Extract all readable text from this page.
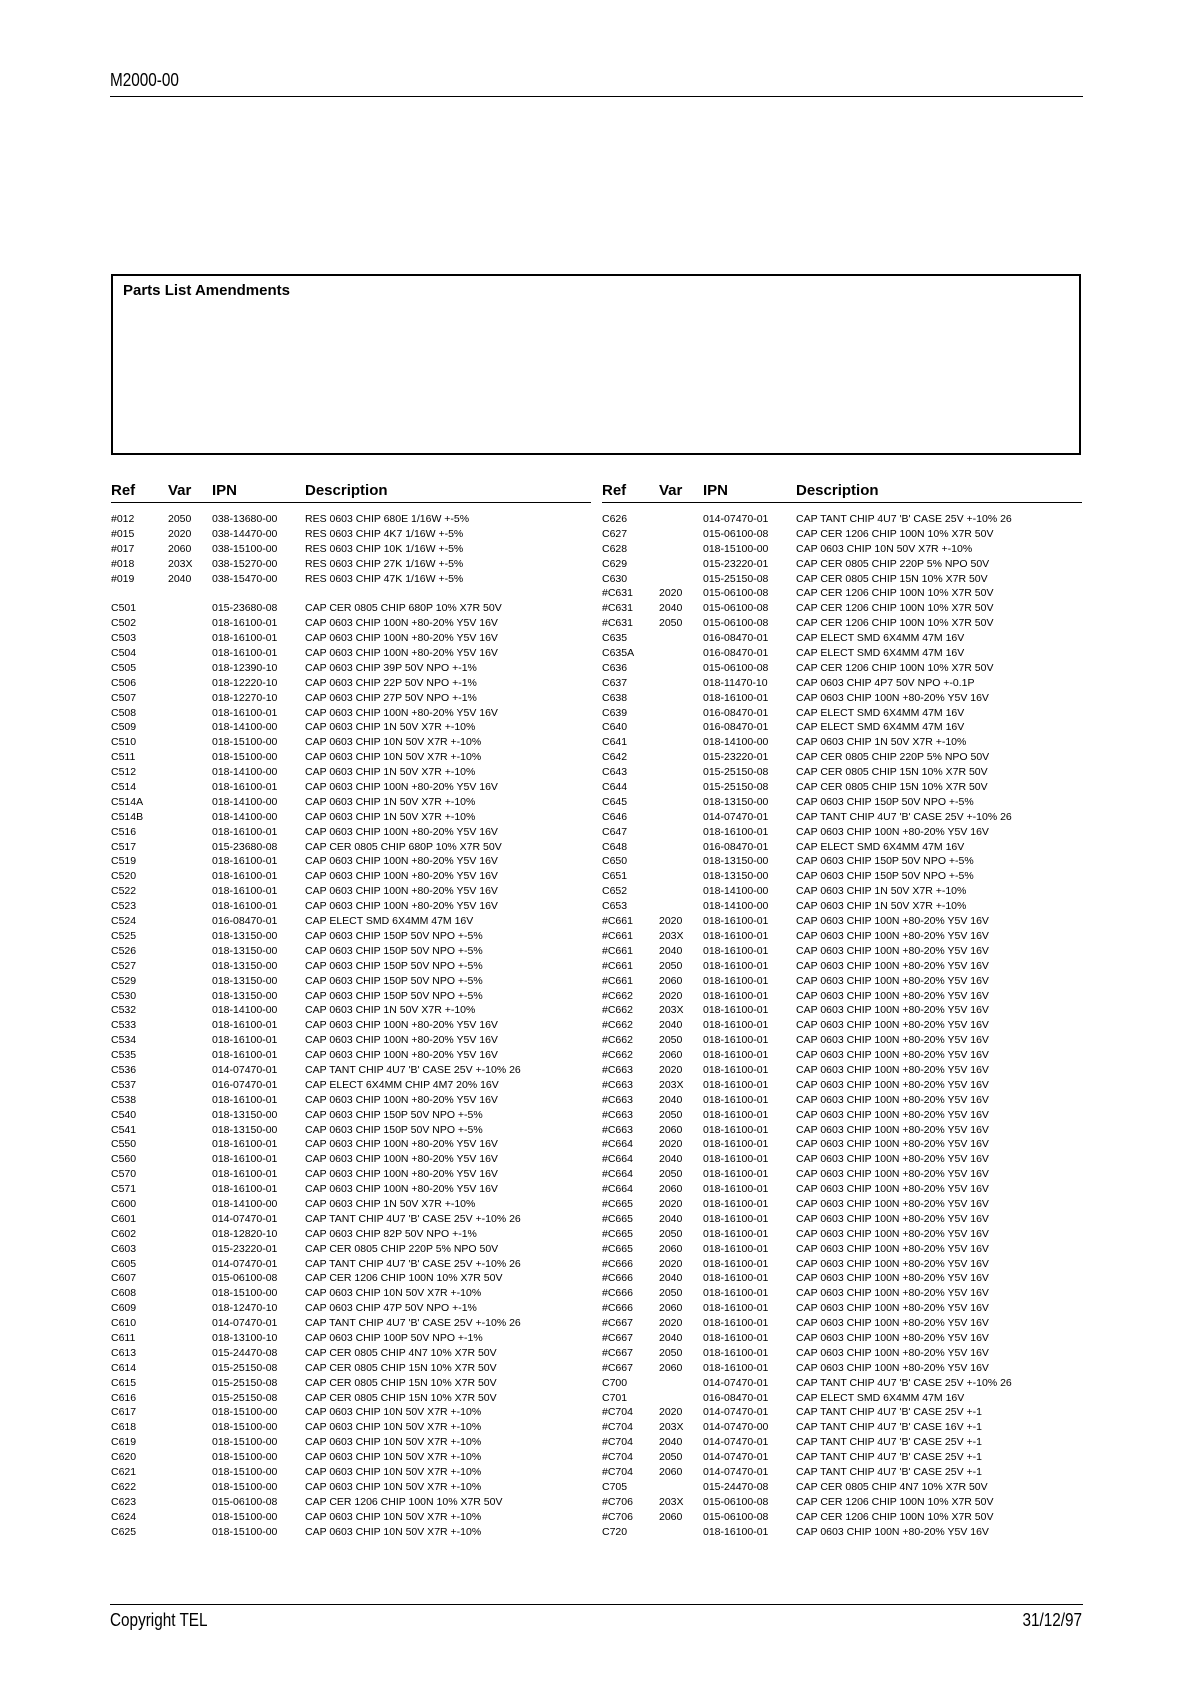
M2000-00
Parts List Amendments
Ref Var IPN	Description
#012	2050 038-13680-00	RES 0603 CHIP 680E 1/16W +-5%
#015	2020 038-14470-00	RES 0603 CHIP 4K7 1/16W +-5%
#017	2060 038-15100-00	RES 0603 CHIP 10K 1/16W +-5%
#018	203X 038-15270-00	RES 0603 CHIP 27K 1/16W +-5%
#019	2040 038-15470-00	RES 0603 CHIP 47K 1/16W +-5%
C501	015-23680-08	CAP CER 0805 CHIP 680P 10% X7R 50V
C502	018-16100-01	CAP 0603 CHIP 100N +80-20% Y5V 16V
C503	018-16100-01	CAP 0603 CHIP 100N +80-20% Y5V 16V
C504	018-16100-01	CAP 0603 CHIP 100N +80-20% Y5V 16V
C505	018-12390-10	CAP 0603 CHIP 39P 50V NPO +-1%
C506	018-12220-10	CAP 0603 CHIP 22P 50V NPO +-1%
C507	018-12270-10	CAP 0603 CHIP 27P 50V NPO +-1%
C508	018-16100-01	CAP 0603 CHIP 100N +80-20% Y5V 16V
C509	018-14100-00	CAP 0603 CHIP 1N 50V X7R +-10%
C510	018-15100-00	CAP 0603 CHIP 10N 50V X7R +-10%
C511	018-15100-00	CAP 0603 CHIP 10N 50V X7R +-10%
C512	018-14100-00	CAP 0603 CHIP 1N 50V X7R +-10%
C514	018-16100-01	CAP 0603 CHIP 100N +80-20% Y5V 16V
C514A	018-14100-00	CAP 0603 CHIP 1N 50V X7R +-10%
C514B	018-14100-00	CAP 0603 CHIP 1N 50V X7R +-10%
C516	018-16100-01	CAP 0603 CHIP 100N +80-20% Y5V 16V
C517	015-23680-08	CAP CER 0805 CHIP 680P 10% X7R 50V
C519	018-16100-01	CAP 0603 CHIP 100N +80-20% Y5V 16V
C520	018-16100-01	CAP 0603 CHIP 100N +80-20% Y5V 16V
C522	018-16100-01	CAP 0603 CHIP 100N +80-20% Y5V 16V
C523	018-16100-01	CAP 0603 CHIP 100N +80-20% Y5V 16V
C524	016-08470-01	CAP ELECT SMD 6X4MM 47M 16V
C525	018-13150-00	CAP 0603 CHIP 150P 50V NPO +-5%
C526	018-13150-00	CAP 0603 CHIP 150P 50V NPO +-5%
C527	018-13150-00	CAP 0603 CHIP 150P 50V NPO +-5%
C529	018-13150-00	CAP 0603 CHIP 150P 50V NPO +-5%
C530	018-13150-00	CAP 0603 CHIP 150P 50V NPO +-5%
C532	018-14100-00	CAP 0603 CHIP 1N 50V X7R +-10%
C533	018-16100-01	CAP 0603 CHIP 100N +80-20% Y5V 16V
C534	018-16100-01	CAP 0603 CHIP 100N +80-20% Y5V 16V
C535	018-16100-01	CAP 0603 CHIP 100N +80-20% Y5V 16V
C536	014-07470-01	CAP TANT CHIP 4U7 'B' CASE 25V +-10% 26
C537	016-07470-01	CAP ELECT 6X4MM CHIP 4M7 20% 16V
C538	018-16100-01	CAP 0603 CHIP 100N +80-20% Y5V 16V
C540	018-13150-00	CAP 0603 CHIP 150P 50V NPO +-5%
C541	018-13150-00	CAP 0603 CHIP 150P 50V NPO +-5%
C550	018-16100-01	CAP 0603 CHIP 100N +80-20% Y5V 16V
C560	018-16100-01	CAP 0603 CHIP 100N +80-20% Y5V 16V
C570	018-16100-01	CAP 0603 CHIP 100N +80-20% Y5V 16V
C571	018-16100-01	CAP 0603 CHIP 100N +80-20% Y5V 16V
C600	018-14100-00	CAP 0603 CHIP 1N 50V X7R +-10%
C601	014-07470-01	CAP TANT CHIP 4U7 'B' CASE 25V +-10% 26
C602	018-12820-10	CAP 0603 CHIP 82P 50V NPO +-1%
C603	015-23220-01	CAP CER 0805 CHIP 220P 5% NPO 50V
C605	014-07470-01	CAP TANT CHIP 4U7 'B' CASE 25V +-10% 26
C607	015-06100-08	CAP CER 1206 CHIP 100N 10% X7R 50V
C608	018-15100-00	CAP 0603 CHIP 10N 50V X7R +-10%
C609	018-12470-10	CAP 0603 CHIP 47P 50V NPO +-1%
C610	014-07470-01	CAP TANT CHIP 4U7 'B' CASE 25V +-10% 26
C611	018-13100-10	CAP 0603 CHIP 100P 50V NPO +-1%
C613	015-24470-08	CAP CER 0805 CHIP 4N7 10% X7R 50V
C614	015-25150-08	CAP CER 0805 CHIP 15N 10% X7R 50V
C615	015-25150-08	CAP CER 0805 CHIP 15N 10% X7R 50V
C616	015-25150-08	CAP CER 0805 CHIP 15N 10% X7R 50V
C617	018-15100-00	CAP 0603 CHIP 10N 50V X7R +-10%
C618	018-15100-00	CAP 0603 CHIP 10N 50V X7R +-10%
C619	018-15100-00	CAP 0603 CHIP 10N 50V X7R +-10%
C620	018-15100-00	CAP 0603 CHIP 10N 50V X7R +-10%
C621	018-15100-00	CAP 0603 CHIP 10N 50V X7R +-10%
C622	018-15100-00	CAP 0603 CHIP 10N 50V X7R +-10%
C623	015-06100-08	CAP CER 1206 CHIP 100N 10% X7R 50V
C624	018-15100-00	CAP 0603 CHIP 10N 50V X7R +-10%
C625	018-15100-00	CAP 0603 CHIP 10N 50V X7R +-10%
Ref Var IPN	Description
C626	014-07470-01	CAP TANT CHIP 4U7 'B' CASE 25V +-10% 26
C627	015-06100-08	CAP CER 1206 CHIP 100N 10% X7R 50V
C628	018-15100-00	CAP 0603 CHIP 10N 50V X7R +-10%
C629	015-23220-01	CAP CER 0805 CHIP 220P 5% NPO 50V
C630	015-25150-08	CAP CER 0805 CHIP 15N 10% X7R 50V
#C631 2020 015-06100-08	CAP CER 1206 CHIP 100N 10% X7R 50V
#C631 2040 015-06100-08	CAP CER 1206 CHIP 100N 10% X7R 50V
#C631 2050 015-06100-08	CAP CER 1206 CHIP 100N 10% X7R 50V
C635	016-08470-01	CAP ELECT SMD 6X4MM 47M 16V
C635A	016-08470-01	CAP ELECT SMD 6X4MM 47M 16V
C636	015-06100-08	CAP CER 1206 CHIP 100N 10% X7R 50V
C637	018-11470-10	CAP 0603 CHIP 4P7 50V NPO +-0.1P
C638	018-16100-01	CAP 0603 CHIP 100N +80-20% Y5V 16V
C639	016-08470-01	CAP ELECT SMD 6X4MM 47M 16V
C640	016-08470-01	CAP ELECT SMD 6X4MM 47M 16V
C641	018-14100-00	CAP 0603 CHIP 1N 50V X7R +-10%
C642	015-23220-01	CAP CER 0805 CHIP 220P 5% NPO 50V
C643	015-25150-08	CAP CER 0805 CHIP 15N 10% X7R 50V
C644	015-25150-08	CAP CER 0805 CHIP 15N 10% X7R 50V
C645	018-13150-00	CAP 0603 CHIP 150P 50V NPO +-5%
C646	014-07470-01	CAP TANT CHIP 4U7 'B' CASE 25V +-10% 26
C647	018-16100-01	CAP 0603 CHIP 100N +80-20% Y5V 16V
C648	016-08470-01	CAP ELECT SMD 6X4MM 47M 16V
C650	018-13150-00	CAP 0603 CHIP 150P 50V NPO +-5%
C651	018-13150-00	CAP 0603 CHIP 150P 50V NPO +-5%
C652	018-14100-00	CAP 0603 CHIP 1N 50V X7R +-10%
C653	018-14100-00	CAP 0603 CHIP 1N 50V X7R +-10%
#C661 2020 018-16100-01	CAP 0603 CHIP 100N +80-20% Y5V 16V
#C661 203X 018-16100-01	CAP 0603 CHIP 100N +80-20% Y5V 16V
#C661 2040 018-16100-01	CAP 0603 CHIP 100N +80-20% Y5V 16V
#C661 2050 018-16100-01	CAP 0603 CHIP 100N +80-20% Y5V 16V
#C661 2060 018-16100-01	CAP 0603 CHIP 100N +80-20% Y5V 16V
#C662 2020 018-16100-01	CAP 0603 CHIP 100N +80-20% Y5V 16V
#C662 203X 018-16100-01	CAP 0603 CHIP 100N +80-20% Y5V 16V
#C662 2040 018-16100-01	CAP 0603 CHIP 100N +80-20% Y5V 16V
#C662 2050 018-16100-01	CAP 0603 CHIP 100N +80-20% Y5V 16V
#C662 2060 018-16100-01	CAP 0603 CHIP 100N +80-20% Y5V 16V
#C663 2020 018-16100-01	CAP 0603 CHIP 100N +80-20% Y5V 16V
#C663 203X 018-16100-01	CAP 0603 CHIP 100N +80-20% Y5V 16V
#C663 2040 018-16100-01	CAP 0603 CHIP 100N +80-20% Y5V 16V
#C663 2050 018-16100-01	CAP 0603 CHIP 100N +80-20% Y5V 16V
#C663 2060 018-16100-01	CAP 0603 CHIP 100N +80-20% Y5V 16V
#C664 2020 018-16100-01	CAP 0603 CHIP 100N +80-20% Y5V 16V
#C664 2040 018-16100-01	CAP 0603 CHIP 100N +80-20% Y5V 16V
#C664 2050 018-16100-01	CAP 0603 CHIP 100N +80-20% Y5V 16V
#C664 2060 018-16100-01	CAP 0603 CHIP 100N +80-20% Y5V 16V
#C665 2020 018-16100-01	CAP 0603 CHIP 100N +80-20% Y5V 16V
#C665 2040 018-16100-01	CAP 0603 CHIP 100N +80-20% Y5V 16V
#C665 2050 018-16100-01	CAP 0603 CHIP 100N +80-20% Y5V 16V
#C665 2060 018-16100-01	CAP 0603 CHIP 100N +80-20% Y5V 16V
#C666 2020 018-16100-01	CAP 0603 CHIP 100N +80-20% Y5V 16V
#C666 2040 018-16100-01	CAP 0603 CHIP 100N +80-20% Y5V 16V
#C666 2050 018-16100-01	CAP 0603 CHIP 100N +80-20% Y5V 16V
#C666 2060 018-16100-01	CAP 0603 CHIP 100N +80-20% Y5V 16V
#C667 2020 018-16100-01	CAP 0603 CHIP 100N +80-20% Y5V 16V
#C667 2040 018-16100-01	CAP 0603 CHIP 100N +80-20% Y5V 16V
#C667 2050 018-16100-01	CAP 0603 CHIP 100N +80-20% Y5V 16V
#C667 2060 018-16100-01	CAP 0603 CHIP 100N +80-20% Y5V 16V
C700	014-07470-01	CAP TANT CHIP 4U7 'B' CASE 25V +-10% 26
C701	016-08470-01	CAP ELECT SMD 6X4MM 47M 16V
#C704 2020 014-07470-01	CAP TANT CHIP 4U7 'B' CASE 25V +-1
#C704 203X 014-07470-00	CAP TANT CHIP 4U7 'B' CASE 16V +-1
#C704 2040 014-07470-01	CAP TANT CHIP 4U7 'B' CASE 25V +-1
#C704 2050 014-07470-01	CAP TANT CHIP 4U7 'B' CASE 25V +-1
#C704 2060 014-07470-01	CAP TANT CHIP 4U7 'B' CASE 25V +-1
C705	015-24470-08	CAP CER 0805 CHIP 4N7 10% X7R 50V
#C706 203X 015-06100-08	CAP CER 1206 CHIP 100N 10% X7R 50V
#C706 2060 015-06100-08	CAP CER 1206 CHIP 100N 10% X7R 50V
C720	018-16100-01	CAP 0603 CHIP 100N +80-20% Y5V 16V
Copyright TEL	31/12/97
